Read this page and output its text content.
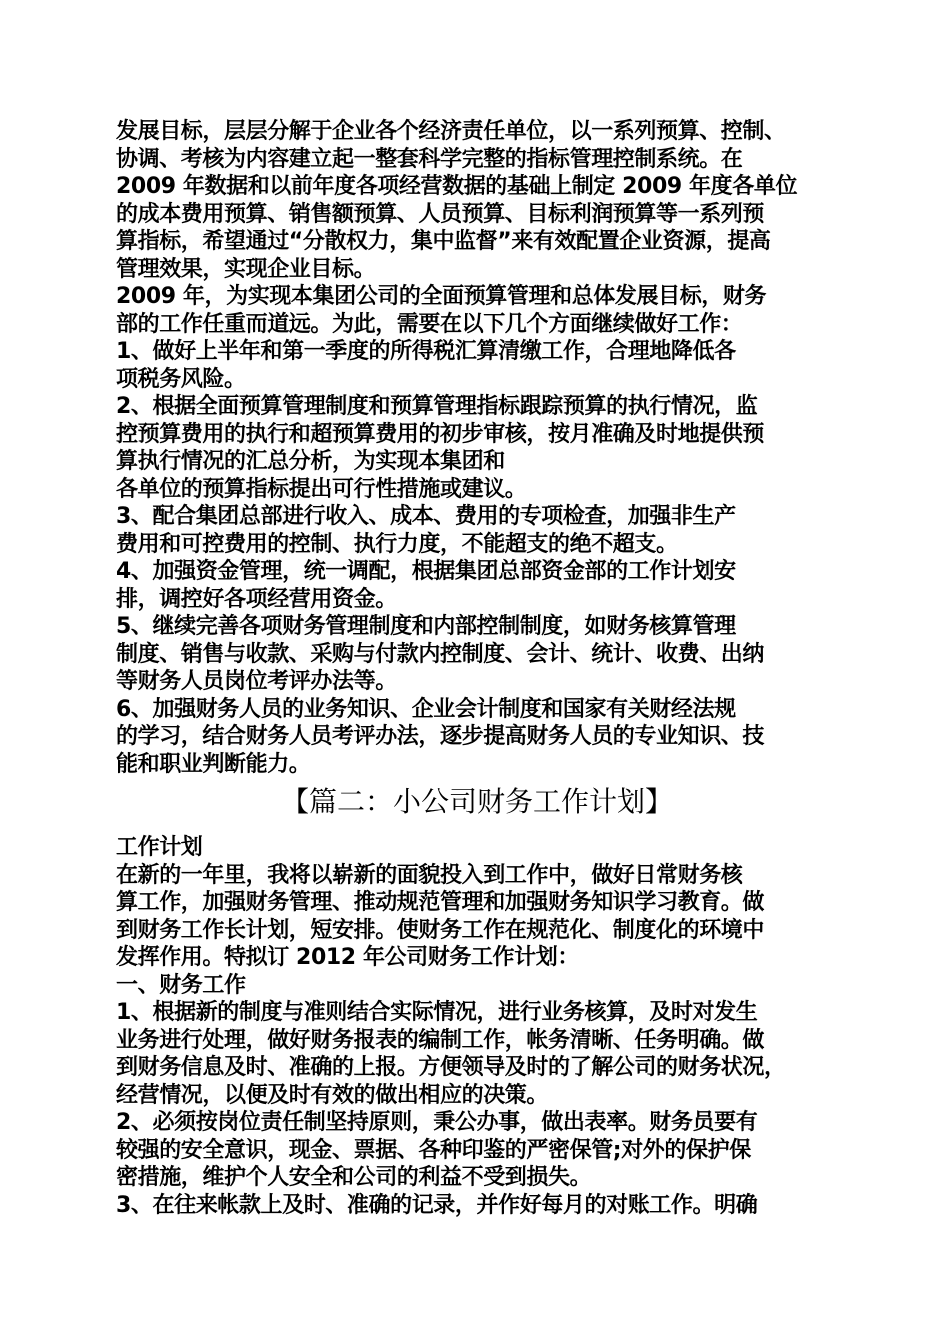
发展目标，层层分解于企业各个经济责任单位，以一系列预算、控制、
协调、考核为内容建立起一整套科学完整的指标管理控制系统。在
2009 年数据和以前年度各项经营数据的基础上制定 2009 年度各单位
的成本费用预算、销售额预算、人员预算、目标利润预算等一系列预
算指标，希望通过“分散权力，集中监督”来有效配置企业资源，提高
管理效果，实现企业目标。
2009 年，为实现本集团公司的全面预算管理和总体发展目标，财务
部的工作任重而道远。为此，需要在以下几个方面继续做好工作：
1、做好上半年和第一季度的所得税汇算清缴工作，合理地降低各
项税务风险。
2、根据全面预算管理制度和预算管理指标跟踪预算的执行情况，监
控预算费用的执行和超预算费用的初步审核，按月准确及时地提供预
算执行情况的汇总分析，为实现本集团和
各单位的预算指标提出可行性措施或建议。
3、配合集团总部进行收入、成本、费用的专项检查，加强非生产
费用和可控费用的控制、执行力度，不能超支的绝不超支。
4、加强资金管理，统一调配，根据集团总部资金部的工作计划安
排，调控好各项经营用资金。
5、继续完善各项财务管理制度和内部控制制度，如财务核算管理
制度、销售与收款、采购与付款内控制度、会计、统计、收费、出纳
等财务人员岗位考评办法等。
6、加强财务人员的业务知识、企业会计制度和国家有关财经法规
的学习，结合财务人员考评办法，逐步提高财务人员的专业知识、技
能和职业判断能力。
【篇二：小公司财务工作计划】
工作计划
在新的一年里，我将以崭新的面貌投入到工作中，做好日常财务核
算工作，加强财务管理、推动规范管理和加强财务知识学习教育。做
到财务工作长计划，短安排。使财务工作在规范化、制度化的环境中
发挥作用。特拟订 2012 年公司财务工作计划：
一、财务工作
1、根据新的制度与准则结合实际情况，进行业务核算，及时对发生
业务进行处理，做好财务报表的编制工作，帐务清晰、任务明确。做
到财务信息及时、准确的上报。方便领导及时的了解公司的财务状况，
经营情况，以便及时有效的做出相应的决策。
2、必须按岗位责任制坚持原则，秉公办事，做出表率。财务员要有
较强的安全意识，现金、票据、各种印鉴的严密保管;对外的保护保
密措施，维护个人安全和公司的利益不受到损失。
3、在往来帐款上及时、准确的记录，并作好每月的对账工作。明确
